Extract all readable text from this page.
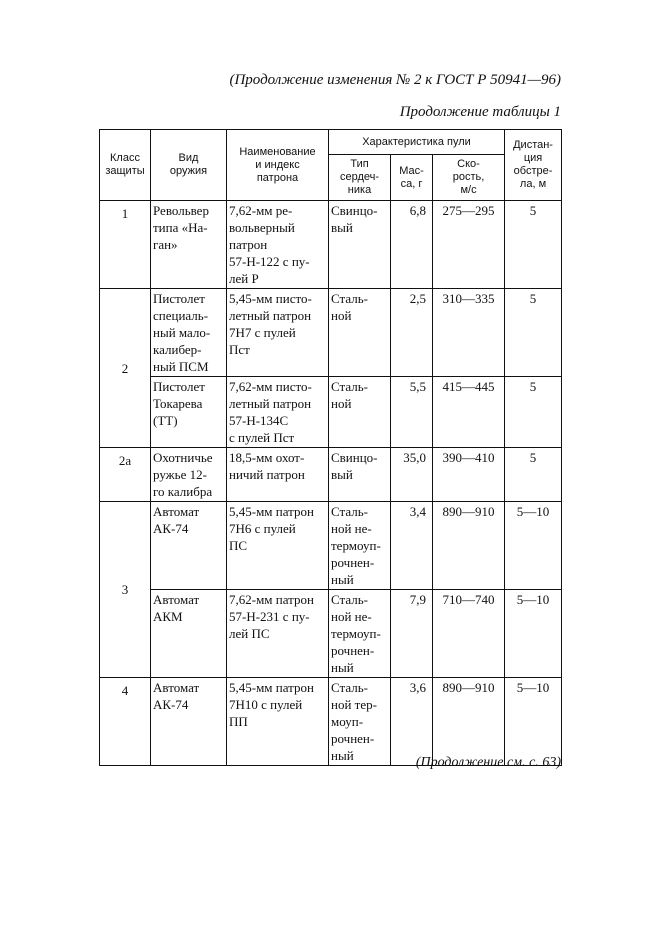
(Продолжение изменения № 2 к ГОСТ Р 50941—96)
Продолжение таблицы 1
Класс
защиты	Вид
оружия	Наименование
и индекс
патрона	Характеристика пули			Дистан-
ция
обстре-
ла, м
			Тип
сердеч-
ника	Мас-
са, г	Ско-
рость,
м/с	
1	Револьвер
типа «На-
ган»	7,62-мм ре-
вольверный
патрон
57-Н-122 с пу-
лей Р	Свинцо-
вый	6,8	275—295	5
2	Пистолет
специаль-
ный мало-
калибер-
ный ПСМ	5,45-мм писто-
летный патрон
7Н7 с пулей
Пст	Сталь-
ной	2,5	310—335	5
	Пистолет
Токарева
(ТТ)	7,62-мм писто-
летный патрон
57-Н-134С
с пулей Пст	Сталь-
ной	5,5	415—445	5
2а	Охотничье
ружье 12-
го калибра	18,5-мм охот-
ничий патрон	Свинцо-
вый	35,0	390—410	5
3	Автомат
АК-74	5,45-мм патрон
7Н6 с пулей
ПС	Сталь-
ной не-
термоуп-
рочнен-
ный	3,4	890—910	5—10
	Автомат
АКМ	7,62-мм патрон
57-Н-231 с пу-
лей ПС	Сталь-
ной не-
термоуп-
рочнен-
ный	7,9	710—740	5—10
4	Автомат
АК-74	5,45-мм патрон
7Н10 с пулей
ПП	Сталь-
ной тер-
моуп-
рочнен-
ный	3,6	890—910	5—10
(Продолжение см. с. 63)
